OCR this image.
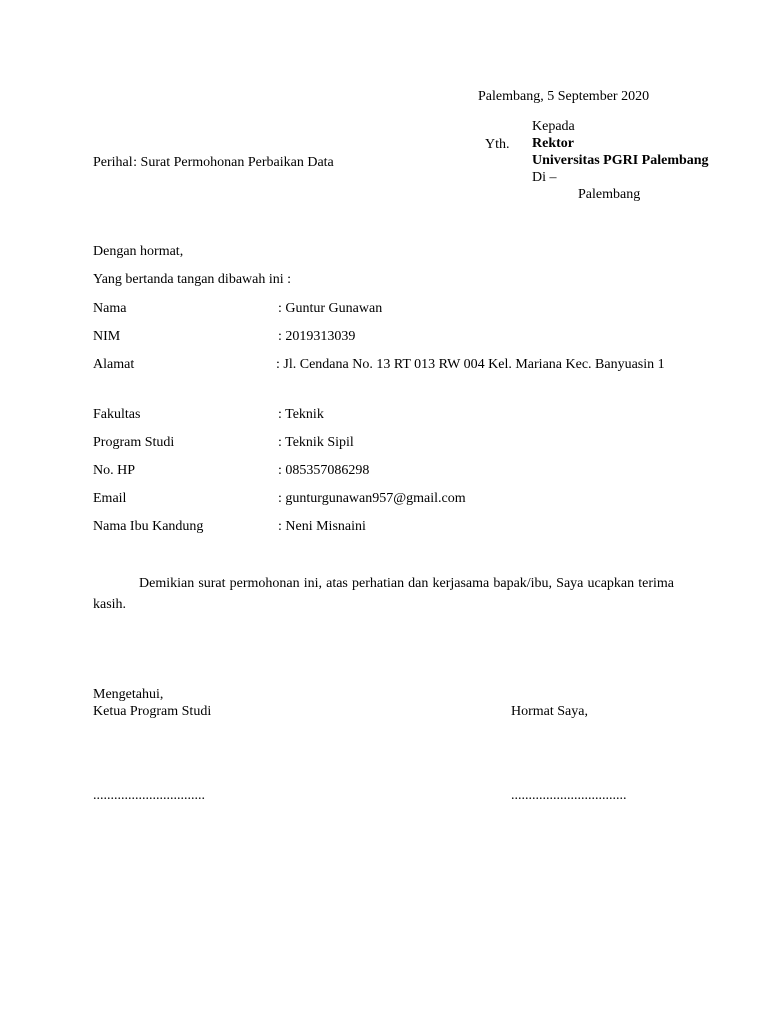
Palembang, 5 September 2020
Yth.
Kepada
Rektor
Universitas PGRI Palembang
Di –
Palembang
Perihal : Surat Permohonan Perbaikan Data
Dengan hormat,
Yang bertanda tangan dibawah ini :
Nama	: Guntur Gunawan
NIM	: 2019313039
Alamat	: Jl. Cendana No. 13 RT 013 RW 004 Kel. Mariana Kec. Banyuasin 1
Fakultas	: Teknik
Program Studi	: Teknik Sipil
No. HP	: 085357086298
Email	: gunturgunawan957@gmail.com
Nama Ibu Kandung	: Neni Misnaini
Demikian surat permohonan ini, atas perhatian dan kerjasama bapak/ibu, Saya ucapkan terima kasih.
Mengetahui,
Ketua Program Studi	Hormat Saya,
................................	.................................
